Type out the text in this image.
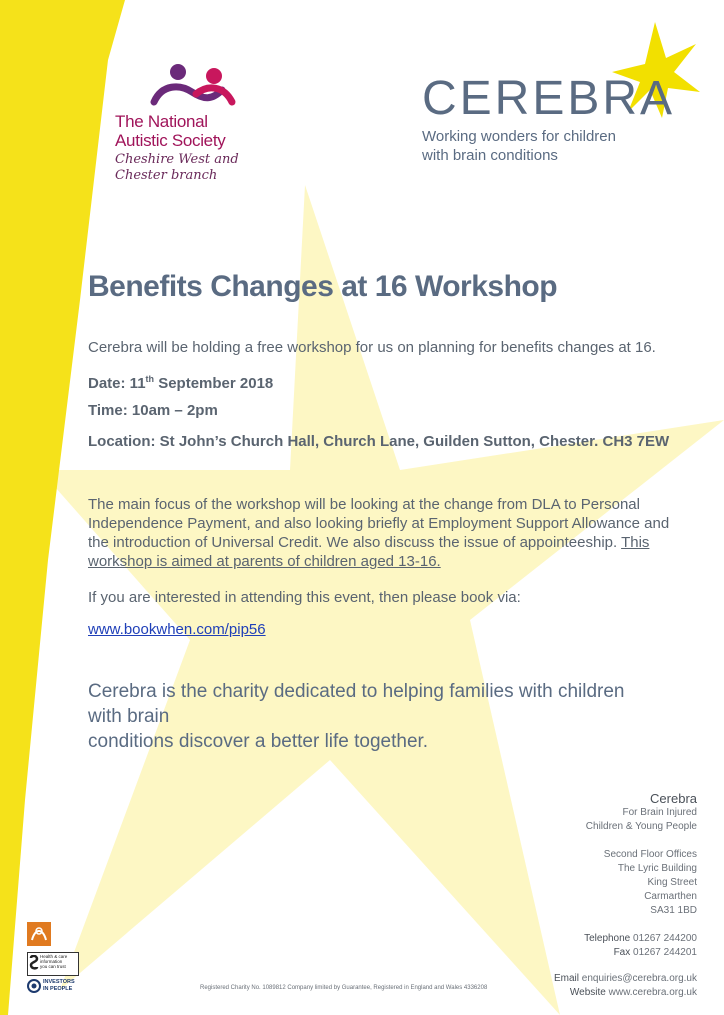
The National
Autistic Society
Cheshire West and
Chester branch
CEREBRA
Working wonders for children
with brain conditions
Benefits Changes at 16 Workshop
Cerebra will be holding a free workshop for us on planning for benefits changes at 16.
Date: 11th September 2018
Time: 10am – 2pm
Location: St John’s Church Hall, Church Lane, Guilden Sutton, Chester. CH3 7EW
The main focus of the workshop will be looking at the change from DLA to Personal
Independence Payment, and also looking briefly at Employment Support Allowance and
the introduction of Universal Credit. We also discuss the issue of appointeeship. This
workshop is aimed at parents of children aged 13-16.
If you are interested in attending this event, then please book via:
www.bookwhen.com/pip56
Cerebra is the charity dedicated to helping families with children with brain
conditions discover a better life together.
Cerebra
For Brain Injured
Children & Young People
Second Floor Offices
The Lyric Building
King Street
Carmarthen
SA31 1BD
Telephone 01267 244200
Fax 01267 244201
Email enquiries@cerebra.org.uk
Website www.cerebra.org.uk
Health & care
information
you can trust
INVESTORS
IN PEOPLE	Registered Charity No. 1089812 Company limited by Guarantee, Registered in England and Wales 4336208
